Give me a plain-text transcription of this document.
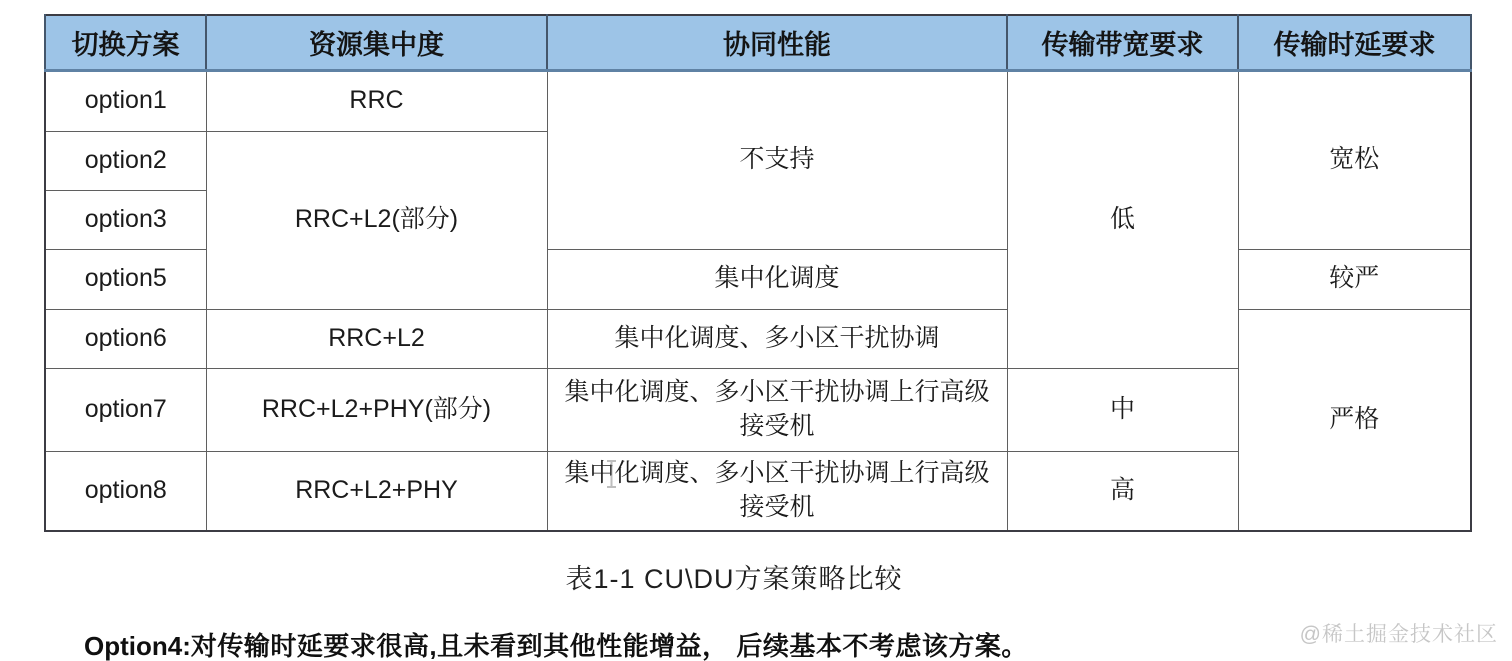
切换方案	资源集中度	协同性能	传输带宽要求	传输时延要求
option1	RRC	不支持	低	宽松
option2	RRC+L2(部分)			
option3				
option5		集中化调度		较严
option6	RRC+L2	集中化调度、多小区干扰协调		严格
option7	RRC+L2+PHY(部分)	集中化调度、多小区干扰协调上行高级接受机	中	
option8	RRC+L2+PHY	集中化调度、多小区干扰协调上行高级接受机	高	
表1-1 CU\DU方案策略比较
Option4:对传输时延要求很高,且未看到其他性能增益， 后续基本不考虑该方案。	@稀土掘金技术社区
